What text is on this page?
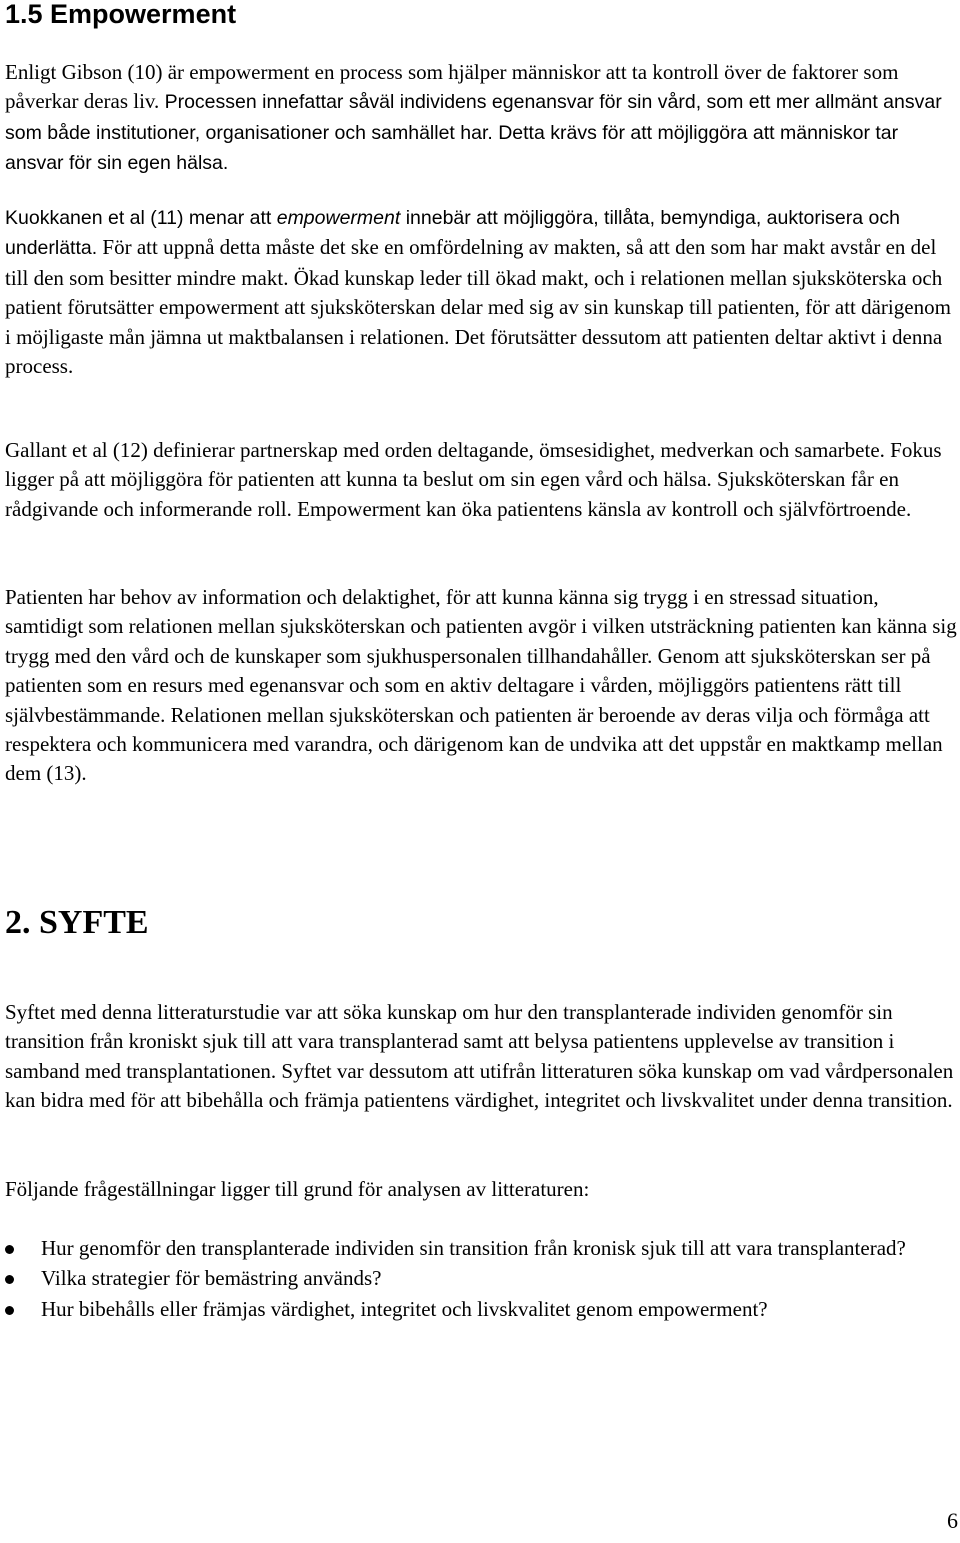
1.5 Empowerment

Enligt Gibson (10) är empowerment en process som hjälper människor att ta kontroll över de faktorer som påverkar deras liv. Processen innefattar såväl individens egenansvar för sin vård, som ett mer allmänt ansvar som både institutioner, organisationer och samhället har. Detta krävs för att möjliggöra att människor tar ansvar för sin egen hälsa.

Kuokkanen et al (11) menar att empowerment innebär att möjliggöra, tillåta, bemyndiga, auktorisera och underlätta. För att uppnå detta måste det ske en omfördelning av makten, så att den som har makt avstår en del till den som besitter mindre makt. Ökad kunskap leder till ökad makt, och i relationen mellan sjuksköterska och patient förutsätter empowerment att sjuksköterskan delar med sig av sin kunskap till patienten, för att därigenom i möjligaste mån jämna ut maktbalansen i relationen. Det förutsätter dessutom att patienten deltar aktivt i denna process.

Gallant et al (12) definierar partnerskap med orden deltagande, ömsesidighet, medverkan och samarbete. Fokus ligger på att möjliggöra för patienten att kunna ta beslut om sin egen vård och hälsa. Sjuksköterskan får en rådgivande och informerande roll. Empowerment kan öka patientens känsla av kontroll och självförtroende.

Patienten har behov av information och delaktighet, för att kunna känna sig trygg i en stressad situation, samtidigt som relationen mellan sjuksköterskan och patienten avgör i vilken utsträckning patienten kan känna sig trygg med den vård och de kunskaper som sjukhuspersonalen tillhandahåller. Genom att sjuksköterskan ser på patienten som en resurs med egenansvar och som en aktiv deltagare i vården, möjliggörs patientens rätt till självbestämmande. Relationen mellan sjuksköterskan och patienten är beroende av deras vilja och förmåga att respektera och kommunicera med varandra, och därigenom kan de undvika att det uppstår en maktkamp mellan dem (13).

2. SYFTE

Syftet med denna litteraturstudie var att söka kunskap om hur den transplanterade individen genomför sin transition från kroniskt sjuk till att vara transplanterad samt att belysa patientens upplevelse av transition i samband med transplantationen. Syftet var dessutom att utifrån litteraturen söka kunskap om vad vårdpersonalen kan bidra med för att bibehålla och främja patientens värdighet, integritet och livskvalitet under denna transition.

Följande frågeställningar ligger till grund för analysen av litteraturen:

Hur genomför den transplanterade individen sin transition från kronisk sjuk till att vara transplanterad?
Vilka strategier för bemästring används?
Hur bibehålls eller främjas värdighet, integritet och livskvalitet genom empowerment?
6
